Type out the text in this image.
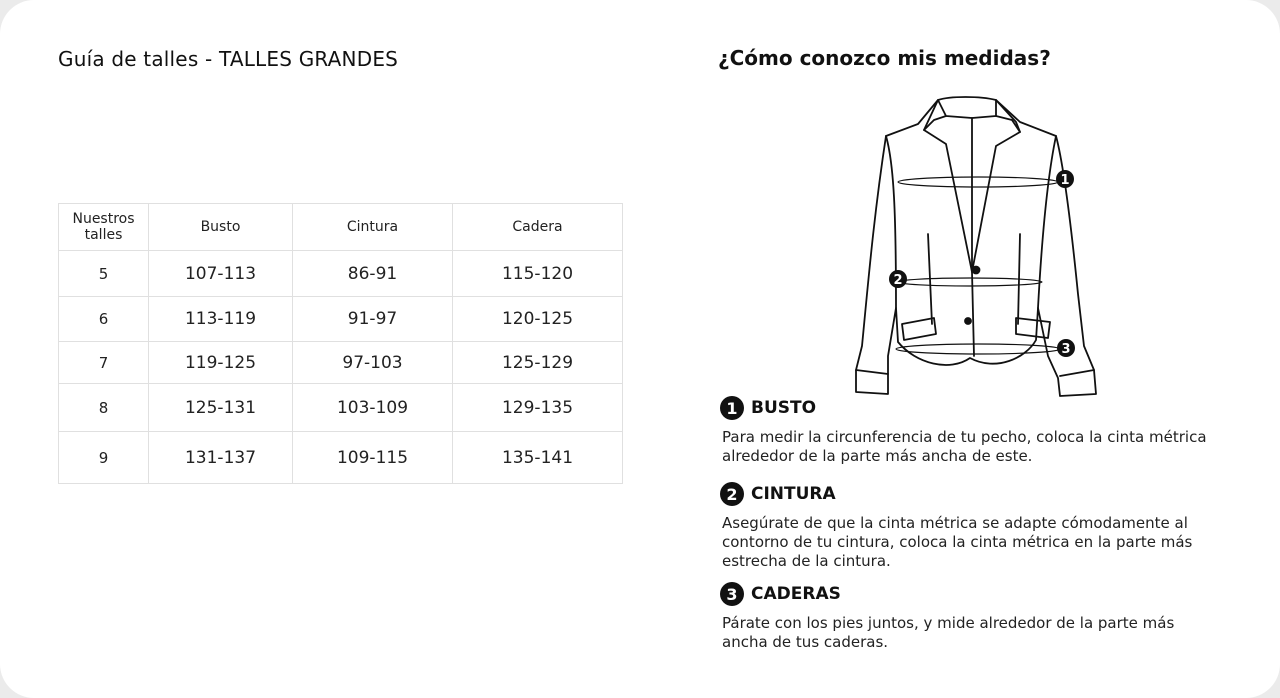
Guía de talles - TALLES GRANDES
Nuestros talles	Busto	Cintura	Cadera
5	107-113	86-91	115-120
6	113-119	91-97	120-125
7	119-125	97-103	125-129
8	125-131	103-109	129-135
9	131-137	109-115	135-141
¿Cómo conozco mis medidas?
1
2
3
1 BUSTO
Para medir la circunferencia de tu pecho, coloca la cinta métrica alrededor de la parte más ancha de este.
2 CINTURA
Asegúrate de que la cinta métrica se adapte cómodamente al contorno de tu cintura, coloca la cinta métrica en la parte más estrecha de la cintura.
3 CADERAS
Párate con los pies juntos, y mide alrededor de la parte más ancha de tus caderas.
